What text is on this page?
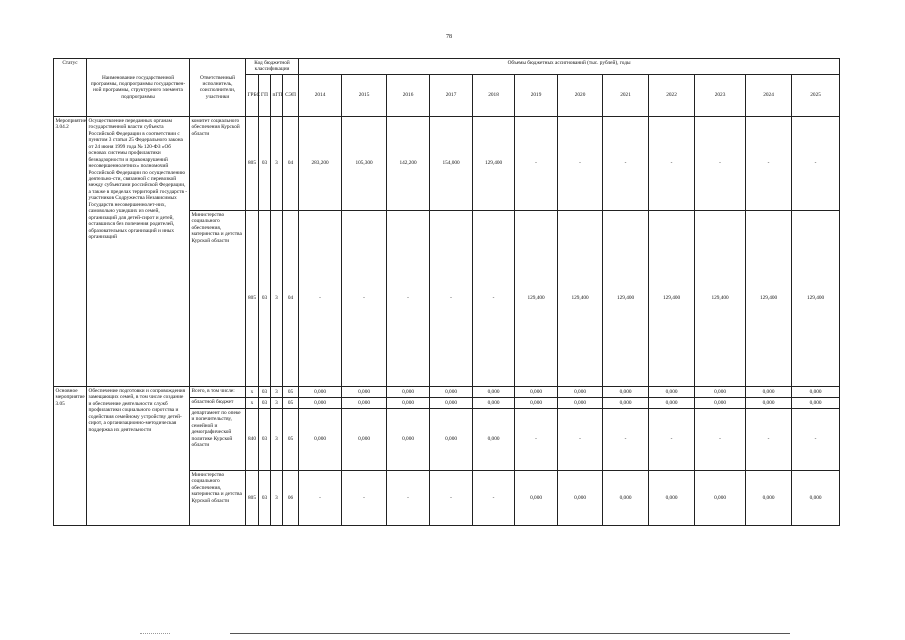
78
Статус	Наименование государственной программы, подпрограммы государствен-ной программы, структурного элемента подпрограммы	Ответственный исполнитель, соисполнители, участники	Код бюджетной классификации				Объемы бюджетных ассигнований (тыс. рублей), годы											
			ГРБС	ГП	пГП	СЭП	2014	2015	2016	2017	2018	2019	2020	2021	2022	2023	2024	2025
Мероприятие 3.04.2	Осуществление переданных органам государственной власти субъекта Российской Федерации в соответствии с пунктом 3 статьи 25 Федерального закона от 24 июня 1999 года № 120-ФЗ «Об основах системы профилактики безнадзорности и правонарушений несовершеннолетних» полномочий Российской Федерации по осуществлению деятельно-сти, связанной с перевозкой между субъектами российской Федерации, а также в пределах территорий государств - участников Содружества Независимых Государств несовершеннолет-них, самовольно ушедших из семей, организаций для детей-сирот и детей, оставшихся без попечения родителей, образовательных организаций и иных организаций	комитет социального обеспечения Курской области	805	03	3	04	283,200	105,300	142,200	154,000	129,400	-	-	-	-	-	-	-
		Министерство социального обеспечения, материнства и детства Курской области	805	03	3	04	-	-	-	-	-	129,400	129,400	129,400	129,400	129,400	129,400	129,400
Основное мероприятие 3.05	Обеспечение подготовки и сопровождения замещающих семей, в том числе создание и обеспечение деятельности служб профилактики социального сиротства и содействия семейному устройству детей-сирот, а организационно-методическая поддержка их деятельности	Всего, в том числе:	х	03	3	05	0,000	0,000	0,000	0,000	0,000	0,000	0,000	0,000	0,000	0,000	0,000	0,000
		областной бюджет	х	03	3	05	0,000	0,000	0,000	0,000	0,000	0,000	0,000	0,000	0,000	0,000	0,000	0,000
		департамент по опеке и попечительству, семейной и демографической политике Курской области	840	03	3	05	0,000	0,000	0,000	0,000	0,000	-	-	-	-	-	-	-
		Министерство социального обеспечения, материнства и детства Курской области	805	03	3	06	-	-	-	-	-	0,000	0,000	0,000	0,000	0,000	0,000	0,000
